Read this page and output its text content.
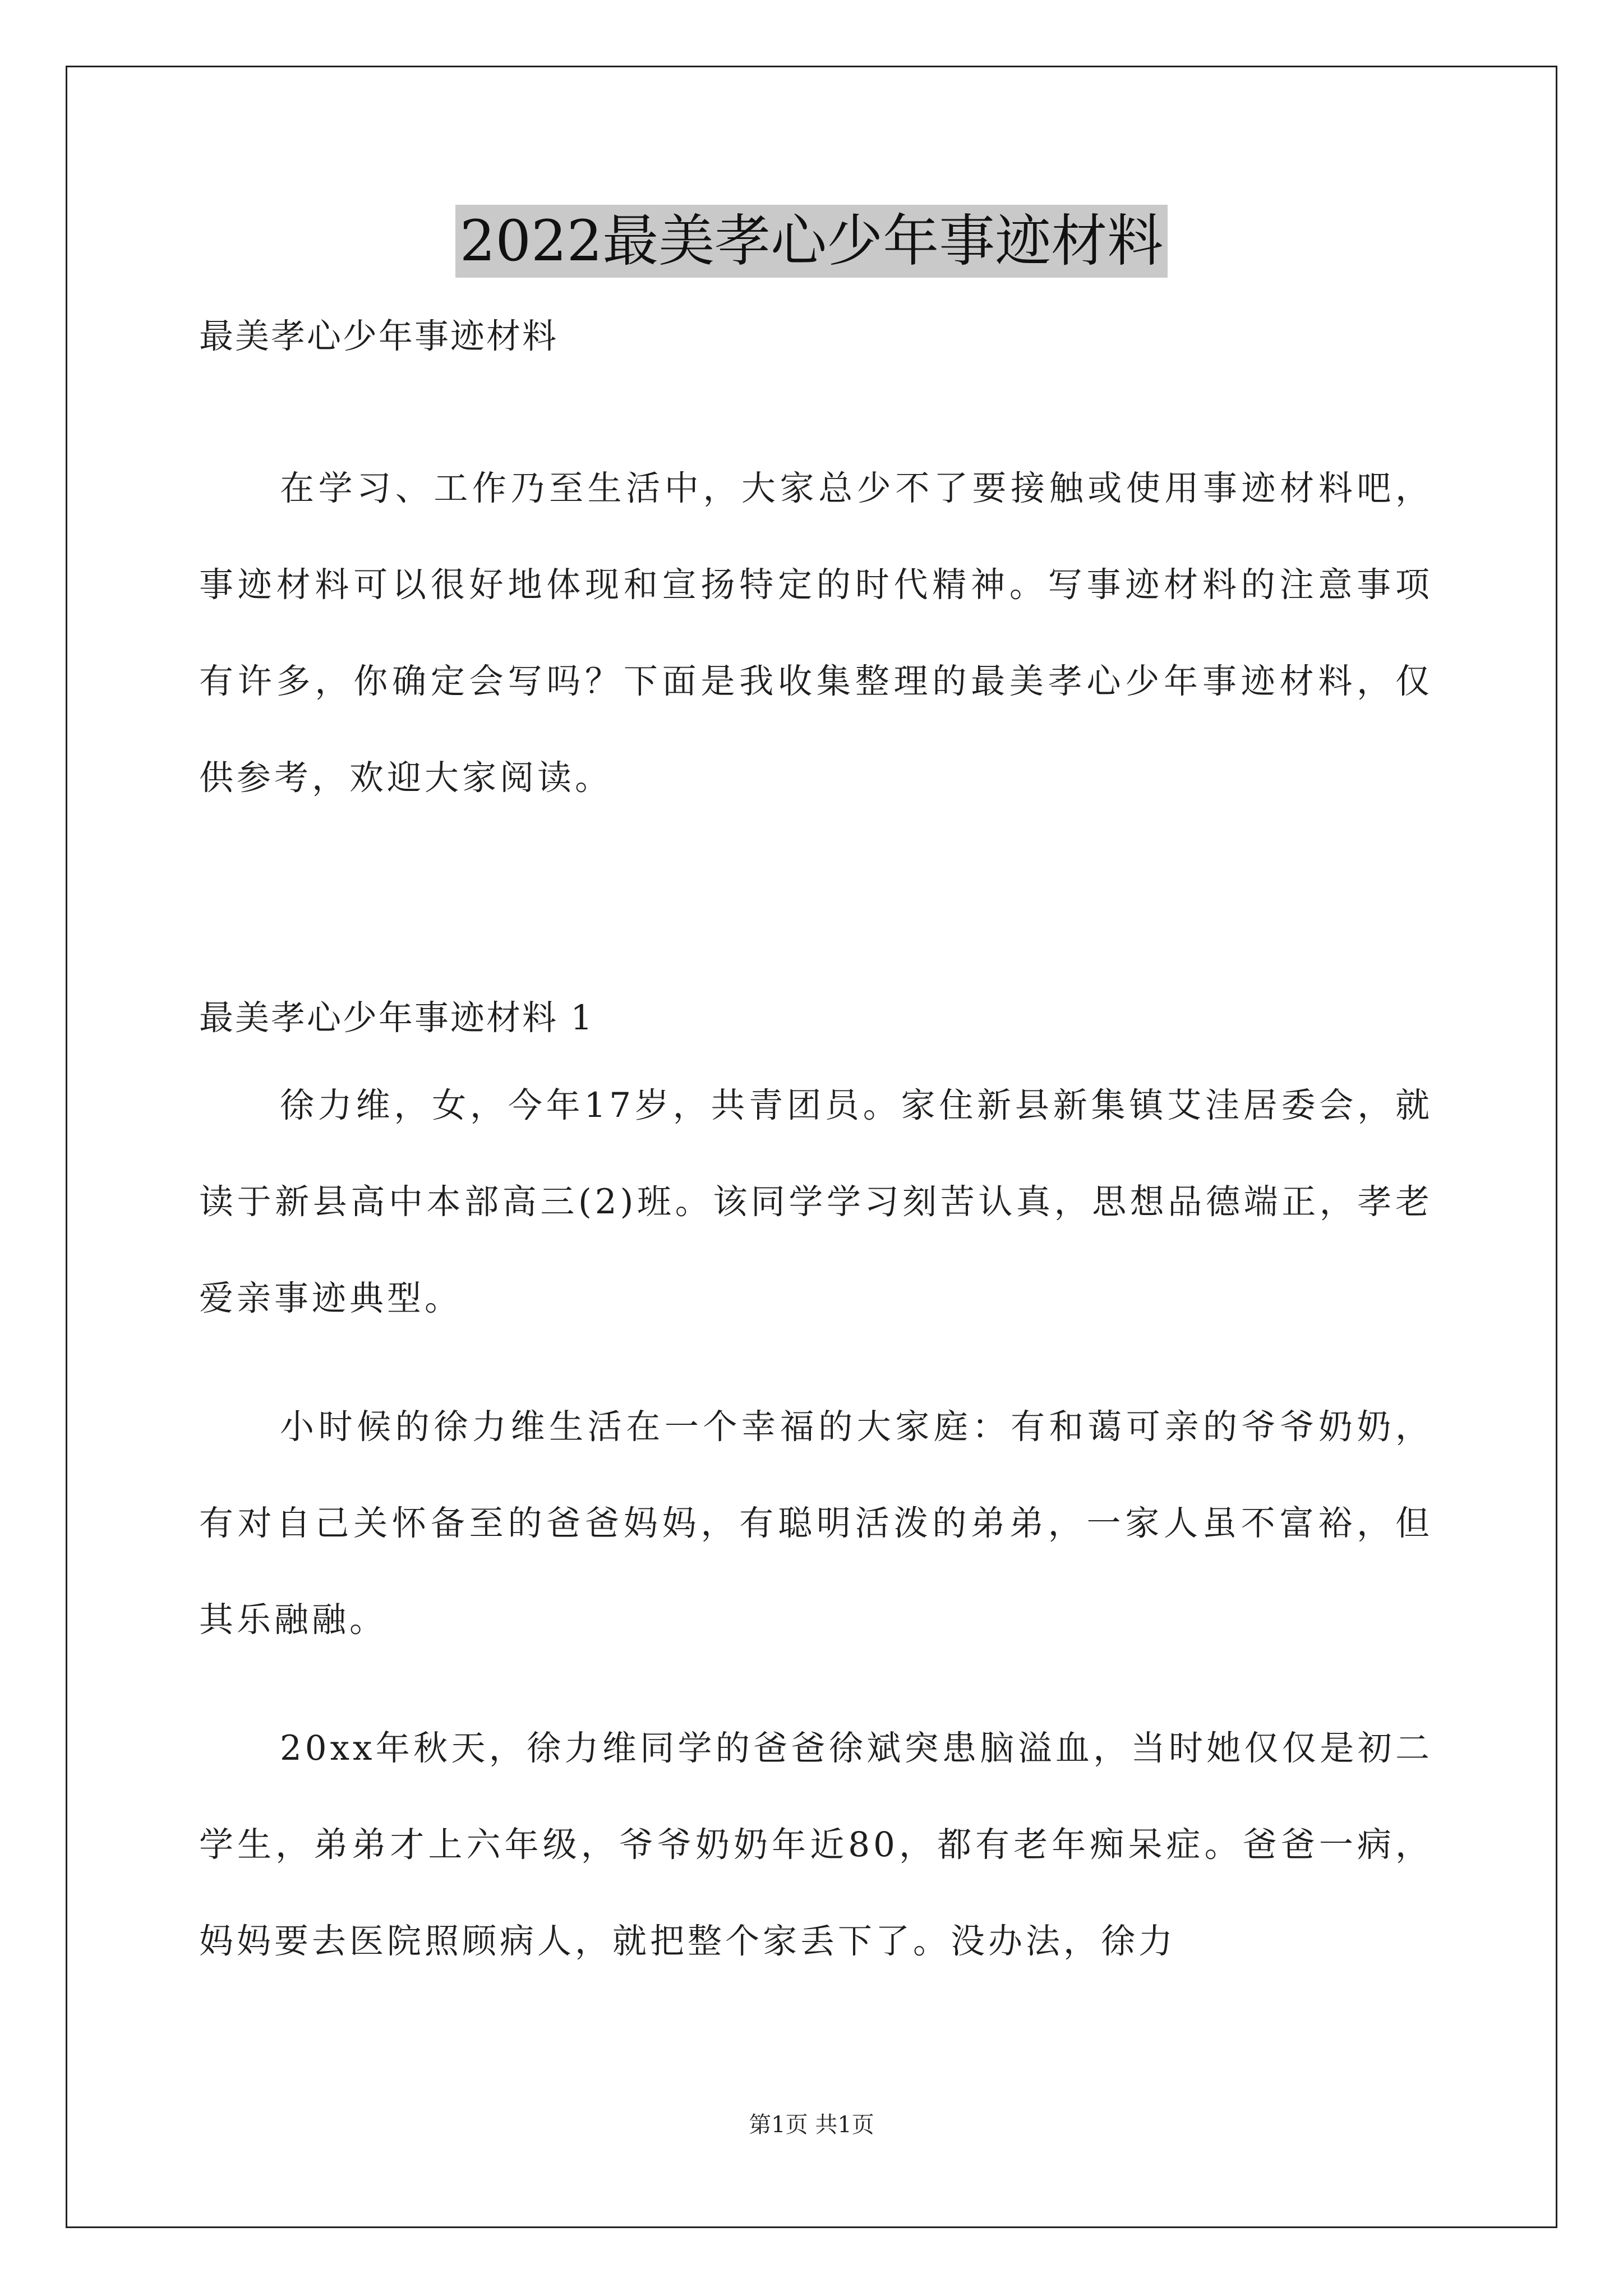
2022最美孝心少年事迹材料
最美孝心少年事迹材料
在学习、工作乃至生活中，大家总少不了要接触或使用事迹材料吧，事迹材料可以很好地体现和宣扬特定的时代精神。写事迹材料的注意事项有许多，你确定会写吗？下面是我收集整理的最美孝心少年事迹材料，仅供参考，欢迎大家阅读。
最美孝心少年事迹材料 1
徐力维，女，今年17岁，共青团员。家住新县新集镇艾洼居委会，就读于新县高中本部高三(2)班。该同学学习刻苦认真，思想品德端正，孝老爱亲事迹典型。
小时候的徐力维生活在一个幸福的大家庭：有和蔼可亲的爷爷奶奶，有对自己关怀备至的爸爸妈妈，有聪明活泼的弟弟，一家人虽不富裕，但其乐融融。
20xx年秋天，徐力维同学的爸爸徐斌突患脑溢血，当时她仅仅是初二学生，弟弟才上六年级，爷爷奶奶年近80，都有老年痴呆症。爸爸一病，妈妈要去医院照顾病人，就把整个家丢下了。没办法，徐力
第1页 共1页
